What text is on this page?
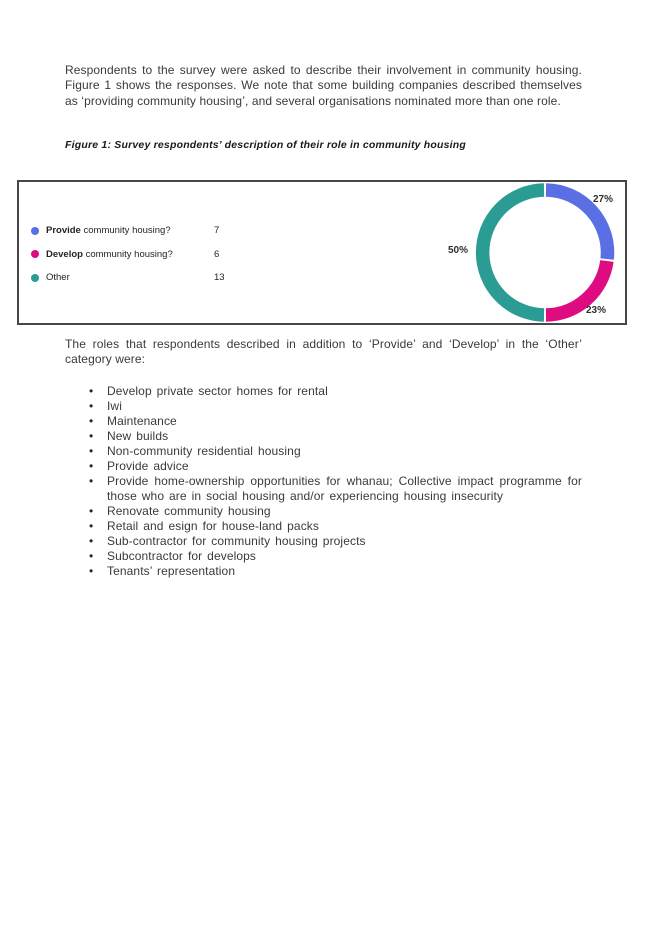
Respondents to the survey were asked to describe their involvement in community housing. Figure 1 shows the responses. We note that some building companies described themselves as ‘providing community housing’, and several organisations nominated more than one role.

Figure 1: Survey respondents’ description of their role in community housing

Provide community housing?	7
Develop community housing?	6
Other	13
27%
50%
23%

The roles that respondents described in addition to ‘Provide’ and ‘Develop’ in the ‘Other’ category were:

•	Develop private sector homes for rental
•	Iwi
•	Maintenance
•	New builds
•	Non-community residential housing
•	Provide advice
•	Provide home-ownership opportunities for whanau; Collective impact programme for those who are in social housing and/or experiencing housing insecurity
•	Renovate community housing
•	Retail and esign for house-land packs
•	Sub-contractor for community housing projects
•	Subcontractor for develops
•	Tenants’ representation
